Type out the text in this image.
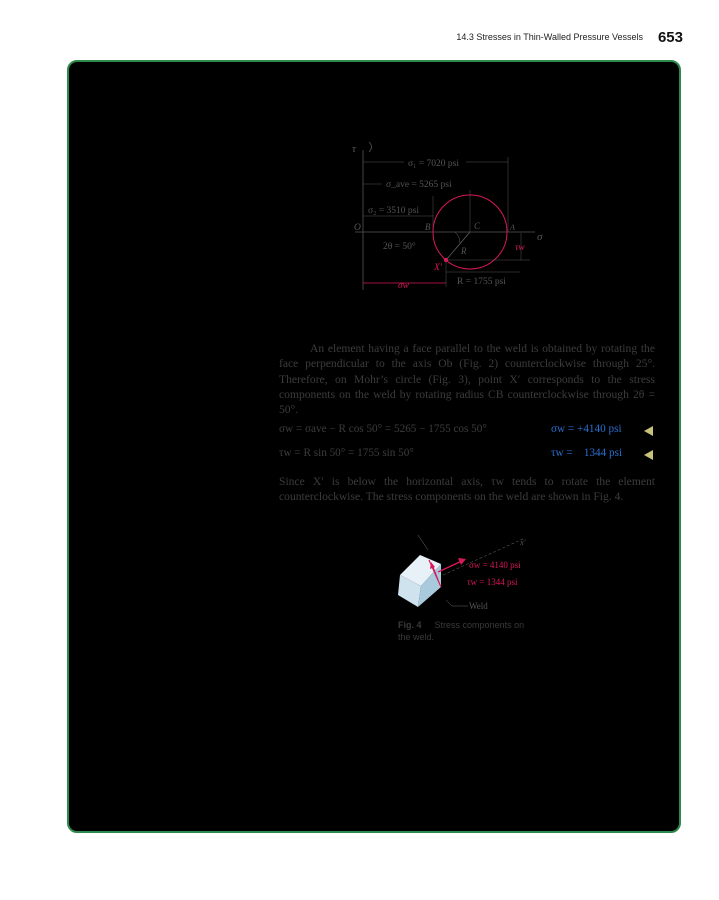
14.3 Stresses in Thin-Walled Pressure Vessels 653
τ
σ
σ₁ = 7020 psi
σ_ave = 5265 psi
σ₂ = 3510 psi
O	B	C	A
2θ = 50°	R
X′
τw
σw	R = 1755 psi

An element having a face parallel to the weld is obtained by rotating the face perpendicular to the axis Ob (Fig. 2) counterclockwise through 25°. Therefore, on Mohr’s circle (Fig. 3), point X′ corresponds to the stress components on the weld by rotating radius CB counterclockwise through 2θ = 50°.

σw = σave − R cos 50° = 5265 − 1755 cos 50°	σw = +4140 psi
τw = R sin 50° = 1755 sin 50°	τw =    1344 psi

Since X′ is below the horizontal axis, τw tends to rotate the element counterclockwise. The stress components on the weld are shown in Fig. 4.

x′
σw = 4140 psi
τw = 1344 psi
Weld
Fig. 4 Stress components on the weld.
